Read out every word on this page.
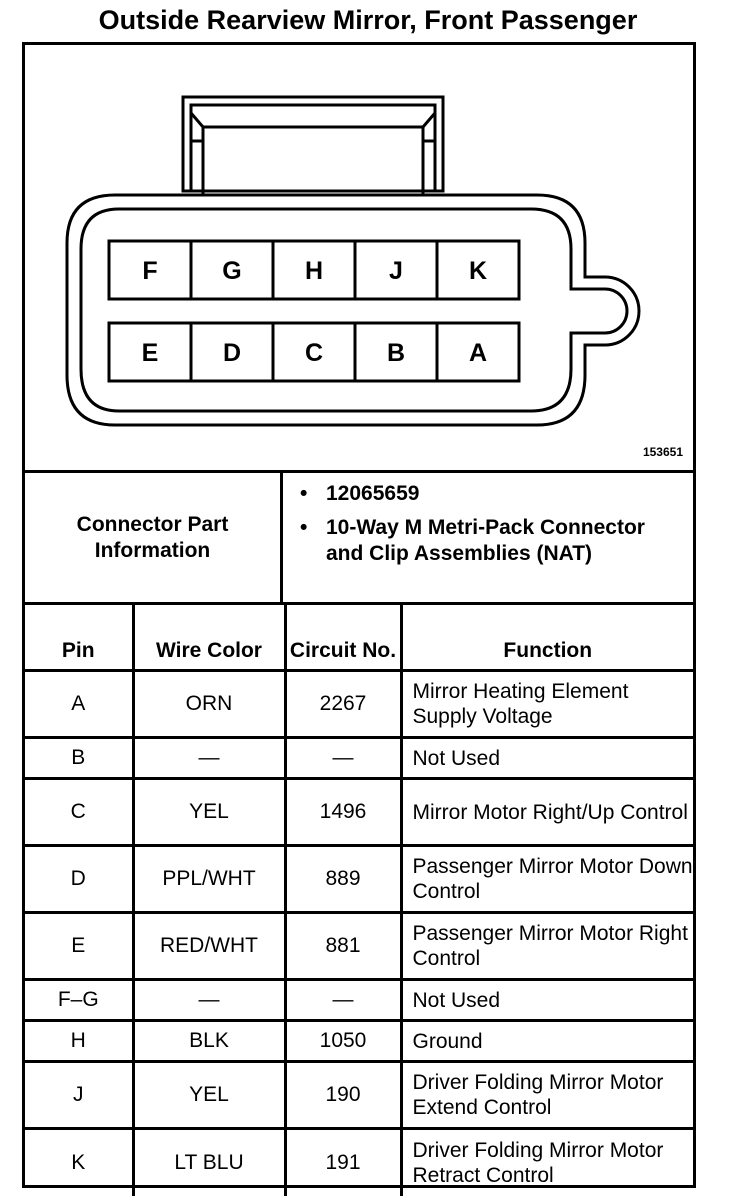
Outside Rearview Mirror, Front Passenger
F	G	H	J	K
E	D	C	B	A
153651
Connector Part Information
• 12065659
• 10-Way M Metri-Pack Connector and Clip Assemblies (NAT)
Pin	Wire Color	Circuit No.	Function
A	ORN	2267	Mirror Heating Element Supply Voltage
B	—	—	Not Used
C	YEL	1496	Mirror Motor Right/Up Control
D	PPL/WHT	889	Passenger Mirror Motor Down Control
E	RED/WHT	881	Passenger Mirror Motor Right Control
F–G	—	—	Not Used
H	BLK	1050	Ground
J	YEL	190	Driver Folding Mirror Motor Extend Control
K	LT BLU	191	Driver Folding Mirror Motor Retract Control
